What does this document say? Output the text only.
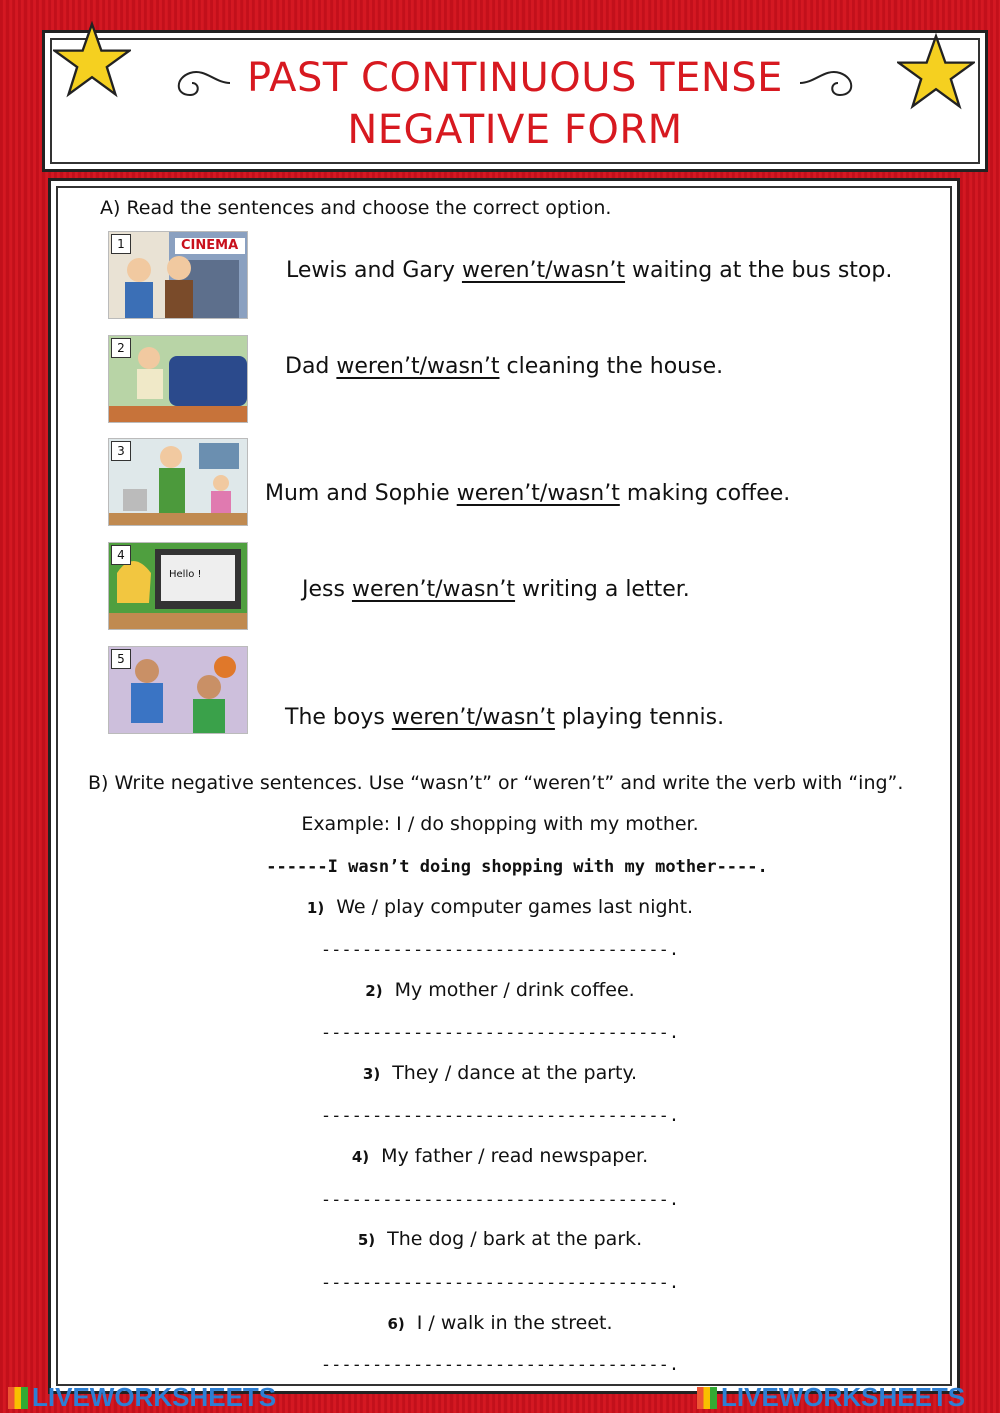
PAST CONTINUOUS TENSE
NEGATIVE FORM
A) Read the sentences and choose the correct option.
CINEMA
1
Lewis and Gary weren’t/wasn’t waiting at the bus stop.
2
Dad weren’t/wasn’t cleaning the house.
3
Mum and Sophie weren’t/wasn’t making coffee.
Hello !
4
Jess weren’t/wasn’t writing a letter.
5
The boys weren’t/wasn’t playing tennis.
B) Write negative sentences. Use “wasn’t” or “weren’t” and write the verb with “ing”.
Example: I / do shopping with my mother.
------I wasn’t doing shopping with my mother----.
1) We / play computer games last night.
----------------------------------.
2) My mother / drink coffee.
----------------------------------.
3) They / dance at the party.
----------------------------------.
4) My father / read newspaper.
----------------------------------.
5) The dog / bark at the park.
----------------------------------.
6) I / walk in the street.
----------------------------------.
LIVEWORKSHEETS	LIVEWORKSHEETS
